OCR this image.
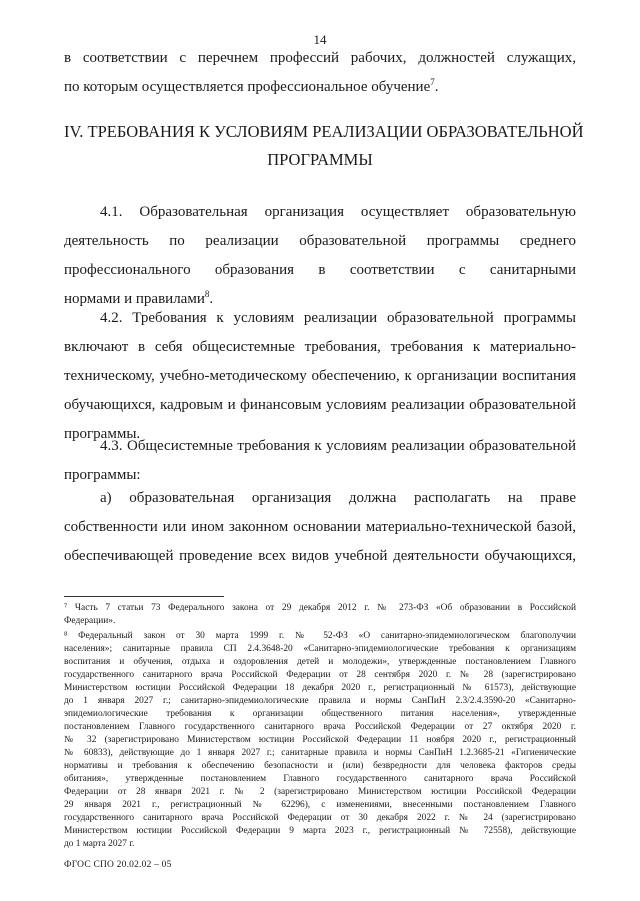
14
в соответствии с перечнем профессий рабочих, должностей служащих,
по которым осуществляется профессиональное обучение$^7$.
IV. ТРЕБОВАНИЯ К УСЛОВИЯМ РЕАЛИЗАЦИИ ОБРАЗОВАТЕЛЬНОЙ
ПРОГРАММЫ
4.1. Образовательная организация осуществляет образовательную
деятельность по реализации образовательной программы среднего
профессионального образования в соответствии с санитарными
нормами и правилами$^8$.
4.2. Требования к условиям реализации образовательной программы
включают в себя общесистемные требования, требования к материально-
техническому, учебно-методическому обеспечению, к организации воспитания
обучающихся, кадровым и финансовым условиям реализации образовательной
программы.
4.3. Общесистемные требования к условиям реализации образовательной
программы:
а) образовательная организация должна располагать на праве
собственности или ином законном основании материально-технической базой,
обеспечивающей проведение всех видов учебной деятельности обучающихся,
⁷ Часть 7 статьи 73 Федерального закона от 29 декабря 2012 г. № 273-ФЗ «Об образовании в Российской
Федерации».
⁸ Федеральный закон от 30 марта 1999 г. № 52-ФЗ «О санитарно-эпидемиологическом благополучии
населения»; санитарные правила СП 2.4.3648-20 «Санитарно-эпидемиологические требования к организациям
воспитания и обучения, отдыха и оздоровления детей и молодежи», утвержденные постановлением Главного
государственного санитарного врача Российской Федерации от 28 сентября 2020 г. № 28 (зарегистрировано
Министерством юстиции Российской Федерации 18 декабря 2020 г., регистрационный № 61573), действующие
до 1 января 2027 г.; санитарно-эпидемиологические правила и нормы СанПиН 2.3/2.4.3590-20 «Санитарно-
эпидемиологические требования к организации общественного питания населения», утвержденные
постановлением Главного государственного санитарного врача Российской Федерации от 27 октября 2020 г.
№ 32 (зарегистрировано Министерством юстиции Российской Федерации 11 ноября 2020 г., регистрационный
№ 60833), действующие до 1 января 2027 г.; санитарные правила и нормы СанПиН 1.2.3685-21 «Гигиенические
нормативы и требования к обеспечению безопасности и (или) безвредности для человека факторов среды
обитания», утвержденные постановлением Главного государственного санитарного врача Российской
Федерации от 28 января 2021 г. № 2 (зарегистрировано Министерством юстиции Российской Федерации
29 января 2021 г., регистрационный № 62296), с изменениями, внесенными постановлением Главного
государственного санитарного врача Российской Федерации от 30 декабря 2022 г. № 24 (зарегистрировано
Министерством юстиции Российской Федерации 9 марта 2023 г., регистрационный № 72558), действующие
до 1 марта 2027 г.
ФГОС СПО 20.02.02 – 05
